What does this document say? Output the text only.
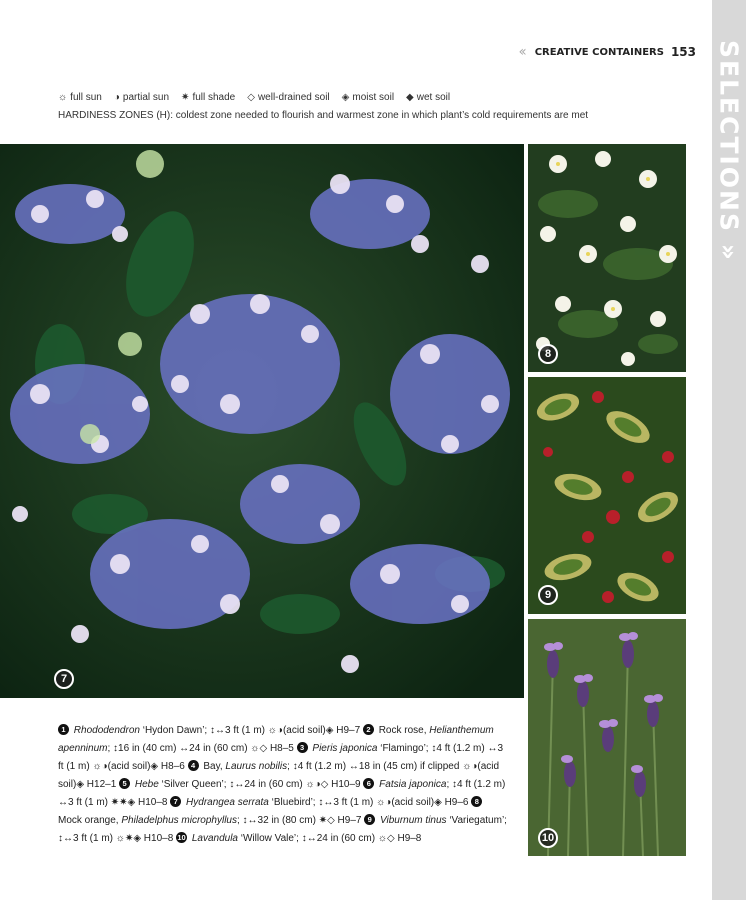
SELECTIONS »
‹‹ CREATIVE CONTAINERS 153
☼ full sun ◑ partial sun ✷ full shade ◇ well-drained soil ◈ moist soil ◆ wet soil
HARDINESS ZONES (H): coldest zone needed to flourish and warmest zone in which plant’s cold requirements are met
7
8
9
10
1 Rhododendron ‘Hydon Dawn’; ↕↔3 ft (1 m) ☼◑(acid soil)◈ H9–7 2 Rock rose, Helianthemum apenninum; ↕16 in (40 cm) ↔24 in (60 cm) ☼◇ H8–5 3 Pieris japonica ‘Flamingo’; ↕4 ft (1.2 m) ↔3 ft (1 m) ☼◑(acid soil)◈ H8–6 4 Bay, Laurus nobilis; ↕4 ft (1.2 m) ↔18 in (45 cm) if clipped ☼◑(acid soil)◈ H12–1 5 Hebe ‘Silver Queen’; ↕↔24 in (60 cm) ☼◑◇ H10–9 6 Fatsia japonica; ↕4 ft (1.2 m) ↔3 ft (1 m) ✷✷◈ H10–8 7 Hydrangea serrata ‘Bluebird’; ↕↔3 ft (1 m) ☼◑(acid soil)◈ H9–6 8 Mock orange, Philadelphus microphyllus; ↕↔32 in (80 cm) ✷◇ H9–7 9 Viburnum tinus ‘Variegatum’; ↕↔3 ft (1 m) ☼✷◈ H10–8 10 Lavandula ‘Willow Vale’; ↕↔24 in (60 cm) ☼◇ H9–8
